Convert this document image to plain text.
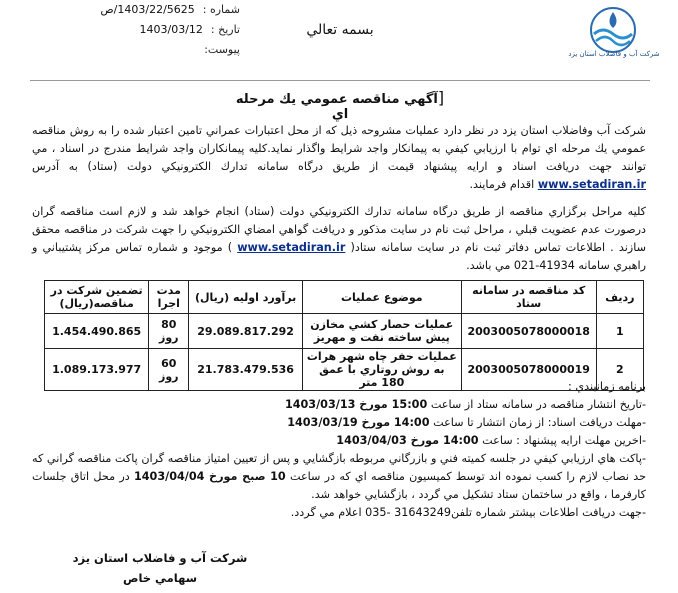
شماره :
1403/22/5625/ص
تاریخ :
1403/03/12
پیوست:
بسمه تعالي
شركت آب و فاضلاب استان يزد
[آگهي مناقصه عمومي يك مرحله اي
شركت آب وفاضلاب استان يزد در نظر دارد عمليات مشروحه ذيل كه از محل اعتبارات عمراني تامين اعتبار شده را به روش مناقصه عمومي يك مرحله اي توام با ارزيابي كيفي به پيمانكار واجد شرايط واگذار نمايد.كليه پيمانكاران واجد شرايط مندرج در اسناد ، مي توانند جهت دريافت اسناد و ارايه پيشنهاد قيمت از طريق درگاه سامانه تدارك الكترونيكي دولت (ستاد) به آدرس www.setadiran.ir اقدام فرمايند.
كليه مراحل برگزاري مناقصه از طريق درگاه سامانه تدارك الكترونيكي دولت (ستاد) انجام خواهد شد و لازم است مناقصه گران درصورت عدم عضويت قبلي ، مراحل ثبت نام در سايت مذكور و دريافت گواهي امضاي الكترونيكي را جهت شركت در مناقصه محقق سازند . اطلاعات تماس دفاتر ثبت نام در سايت سامانه ستاد( www.setadiran.ir ) موجود و شماره تماس مركز پشتيباني و راهبري سامانه 41934-021 مي باشد.
رديف	كد مناقصه در سامانه ستاد	موضوع عمليات	برآورد اوليه (ريال)	مدت اجرا	تضمين شركت در مناقصه(ريال)
1	2003005078000018	عمليات حصار كشي مخازن پيش ساخته نفت و مهريز	29.089.817.292	80 روز	1.454.490.865
2	2003005078000019	عمليات حفر چاه شهر هرات به روش روتاري با عمق 180 متر	21.783.479.536	60 روز	1.089.173.977
برنامه زمانبندي :
-تاريخ انتشار مناقصه در سامانه ستاد از ساعت 15:00 مورخ 1403/03/13
-مهلت دريافت اسناد: از زمان انتشار تا ساعت 14:00 مورخ 1403/03/19
-اخرين مهلت ارايه پيشنهاد : ساعت 14:00 مورخ 1403/04/03
-پاكت هاي ارزيابي كيفي در جلسه كميته فني و بازرگاني مربوطه بازگشايي و پس از تعيين امتياز مناقصه گران پاكت مناقصه گراني كه حد نصاب لازم را كسب نموده اند توسط كميسيون مناقصه اي كه در ساعت 10 صبح مورخ 1403/04/04 در محل اتاق جلسات كارفرما ، واقع در ساختمان ستاد تشكيل مي گردد ، بازگشايي خواهد شد.
-جهت دريافت اطلاعات بيشتر شماره تلفن31643249 -035 اعلام مي گردد.
شركت آب و فاضلاب استان يزد
سهامي خاص
